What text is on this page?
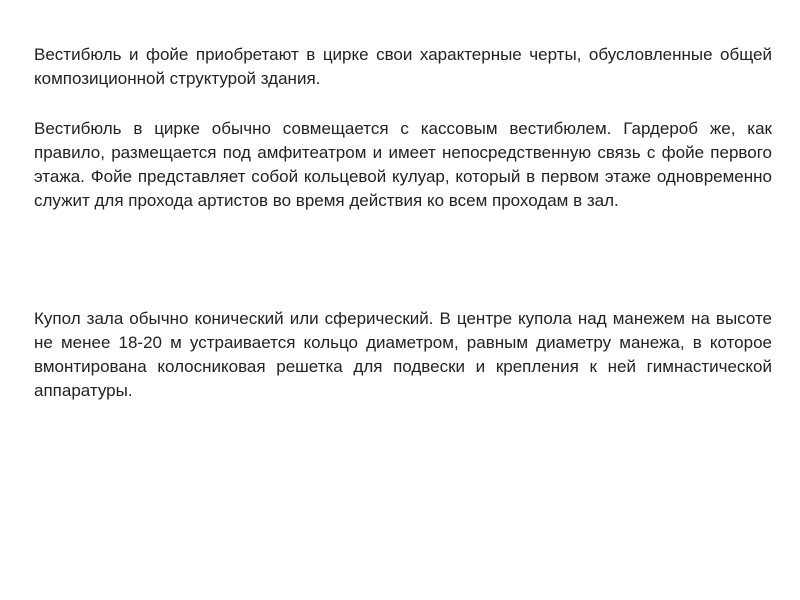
Вестибюль и фойе приобретают в цирке свои характерные черты, обусловленные общей композиционной структурой здания.

Вестибюль в цирке обычно совмещается с кассовым вестибюлем. Гардероб же, как правило, размещается под амфитеатром и имеет непосредственную связь с фойе первого этажа. Фойе представляет собой кольцевой кулуар, который в первом этаже одновременно служит для прохода артистов во время действия ко всем проходам в зал.

Купол зала обычно конический или сферический. В центре купола над манежем на высоте не менее 18-20 м устраивается кольцо диаметром, равным диаметру манежа, в которое вмонтирована колосниковая решетка для подвески и крепления к ней гимнастической аппаратуры.
